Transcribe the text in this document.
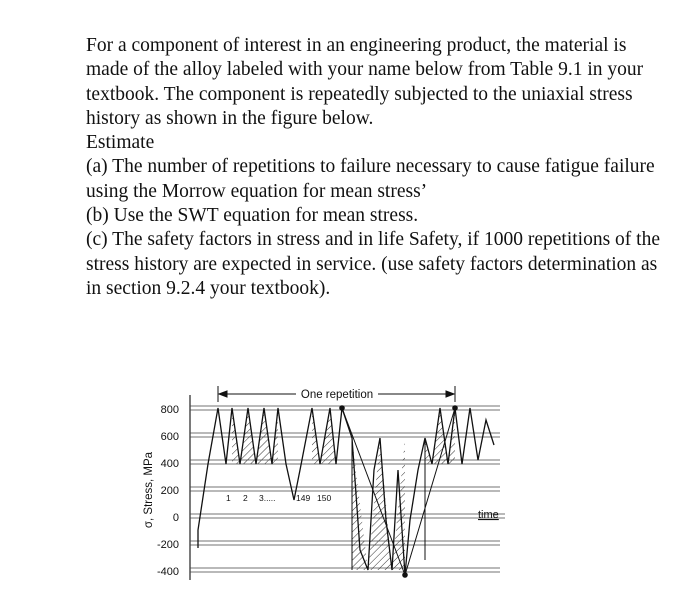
For a component of interest in an engineering product, the material is made of the alloy labeled with your name below from Table 9.1 in your textbook. The component is repeatedly subjected to the uniaxial stress history as shown in the figure below.

Estimate

(a) The number of repetitions to failure necessary to cause fatigue failure using the Morrow equation for mean stress’

(b) Use the SWT equation for mean stress.

(c) The safety factors in stress and in life Safety, if 1000 repetitions of the stress history are expected in service. (use safety factors determination as in section 9.2.4 your textbook).

800
600
400
200
0
-200
-400
σ, Stress, MPa
One repetition
1 2 3..... 149 150
time
